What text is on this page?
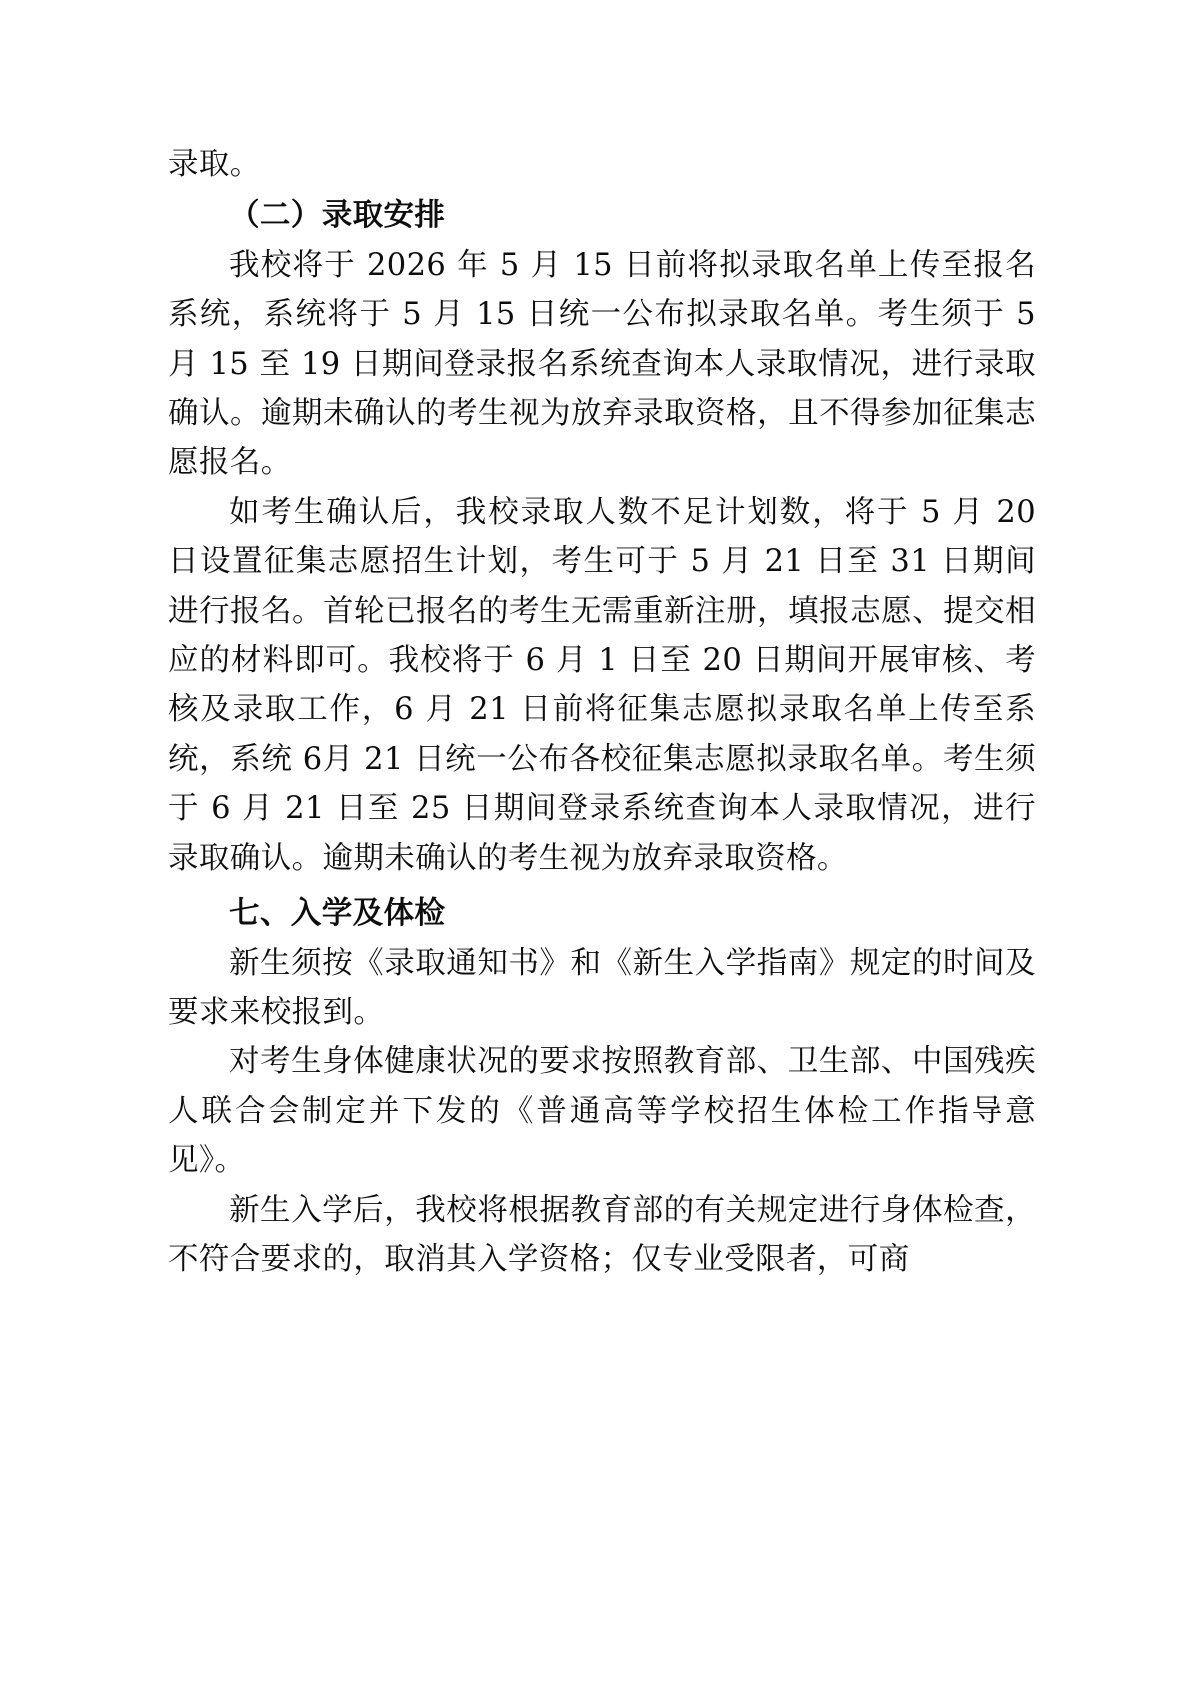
录取。

（二）录取安排

我校将于 2026 年 5 月 15 日前将拟录取名单上传至报名系统，系统将于 5 月 15 日统一公布拟录取名单。考生须于 5 月 15 至 19 日期间登录报名系统查询本人录取情况，进行录取确认。逾期未确认的考生视为放弃录取资格，且不得参加征集志愿报名。

如考生确认后，我校录取人数不足计划数，将于 5 月 20 日设置征集志愿招生计划，考生可于 5 月 21 日至 31 日期间进行报名。首轮已报名的考生无需重新注册，填报志愿、提交相应的材料即可。我校将于 6 月 1 日至 20 日期间开展审核、考核及录取工作，6 月 21 日前将征集志愿拟录取名单上传至系统，系统 6月 21 日统一公布各校征集志愿拟录取名单。考生须于 6 月 21 日至 25 日期间登录系统查询本人录取情况，进行录取确认。逾期未确认的考生视为放弃录取资格。

七、入学及体检

新生须按《录取通知书》和《新生入学指南》规定的时间及要求来校报到。

对考生身体健康状况的要求按照教育部、卫生部、中国残疾人联合会制定并下发的《普通高等学校招生体检工作指导意见》。

新生入学后，我校将根据教育部的有关规定进行身体检查，不符合要求的，取消其入学资格；仅专业受限者，可商
